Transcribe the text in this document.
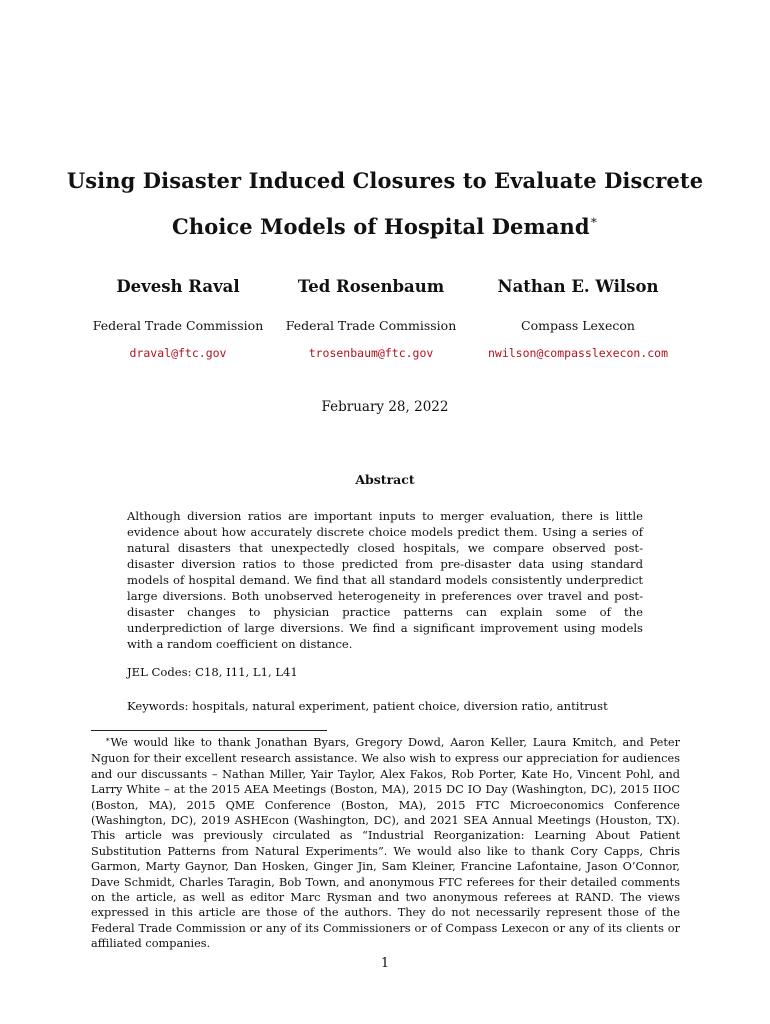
Using Disaster Induced Closures to Evaluate Discrete
Choice Models of Hospital Demand∗
Devesh Raval
Federal Trade Commission
draval@ftc.gov
Ted Rosenbaum
Federal Trade Commission
trosenbaum@ftc.gov
Nathan E. Wilson
Compass Lexecon
nwilson@compasslexecon.com
February 28, 2022
Abstract
Although diversion ratios are important inputs to merger evaluation, there is little evidence about how accurately discrete choice models predict them. Using a series of natural disasters that unexpectedly closed hospitals, we compare observed post-disaster diversion ratios to those predicted from pre-disaster data using standard models of hospital demand. We find that all standard models consistently underpredict large diversions. Both unobserved heterogeneity in preferences over travel and post-disaster changes to physician practice patterns can explain some of the underprediction of large diversions. We find a significant improvement using models with a random coefficient on distance.
JEL Codes: C18, I11, L1, L41
Keywords: hospitals, natural experiment, patient choice, diversion ratio, antitrust
∗We would like to thank Jonathan Byars, Gregory Dowd, Aaron Keller, Laura Kmitch, and Peter Nguon for their excellent research assistance. We also wish to express our appreciation for audiences and our discussants – Nathan Miller, Yair Taylor, Alex Fakos, Rob Porter, Kate Ho, Vincent Pohl, and Larry White – at the 2015 AEA Meetings (Boston, MA), 2015 DC IO Day (Washington, DC), 2015 IIOC (Boston, MA), 2015 QME Conference (Boston, MA), 2015 FTC Microeconomics Conference (Washington, DC), 2019 ASHEcon (Washington, DC), and 2021 SEA Annual Meetings (Houston, TX). This article was previously circulated as “Industrial Reorganization: Learning About Patient Substitution Patterns from Natural Experiments”. We would also like to thank Cory Capps, Chris Garmon, Marty Gaynor, Dan Hosken, Ginger Jin, Sam Kleiner, Francine Lafontaine, Jason O’Connor, Dave Schmidt, Charles Taragin, Bob Town, and anonymous FTC referees for their detailed comments on the article, as well as editor Marc Rysman and two anonymous referees at RAND. The views expressed in this article are those of the authors. They do not necessarily represent those of the Federal Trade Commission or any of its Commissioners or of Compass Lexecon or any of its clients or affiliated companies.
1
